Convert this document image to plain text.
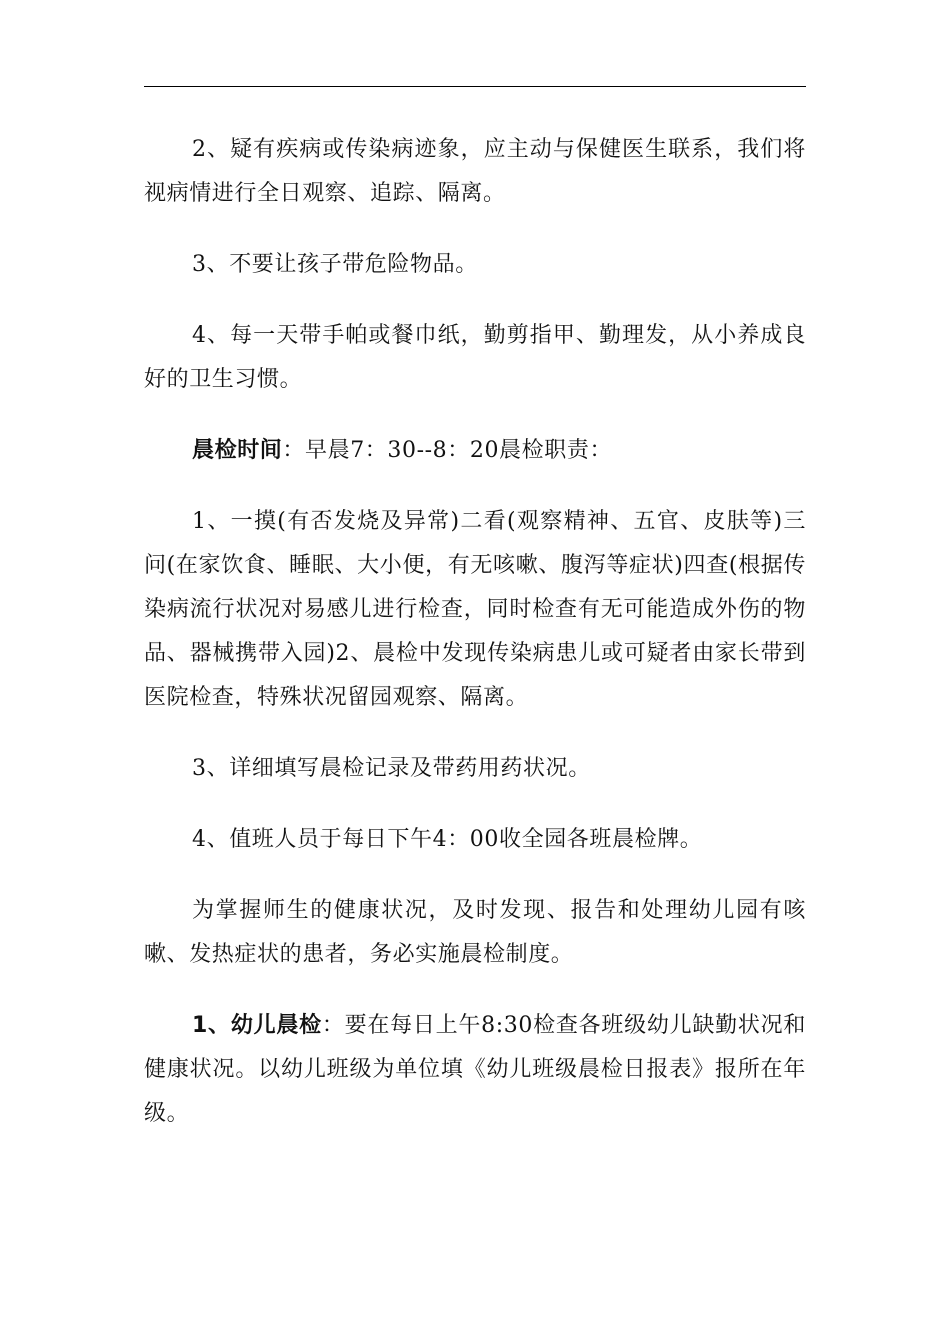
2、疑有疾病或传染病迹象，应主动与保健医生联系，我们将视病情进行全日观察、追踪、隔离。

3、不要让孩子带危险物品。

4、每一天带手帕或餐巾纸，勤剪指甲、勤理发，从小养成良好的卫生习惯。

晨检时间：早晨7：30--8：20晨检职责：

1、一摸(有否发烧及异常)二看(观察精神、五官、皮肤等)三问(在家饮食、睡眠、大小便，有无咳嗽、腹泻等症状)四查(根据传染病流行状况对易感儿进行检查，同时检查有无可能造成外伤的物品、器械携带入园)2、晨检中发现传染病患儿或可疑者由家长带到医院检查，特殊状况留园观察、隔离。

3、详细填写晨检记录及带药用药状况。

4、值班人员于每日下午4：00收全园各班晨检牌。

为掌握师生的健康状况，及时发现、报告和处理幼儿园有咳嗽、发热症状的患者，务必实施晨检制度。

1、幼儿晨检：要在每日上午8:30检查各班级幼儿缺勤状况和健康状况。以幼儿班级为单位填《幼儿班级晨检日报表》报所在年级。
